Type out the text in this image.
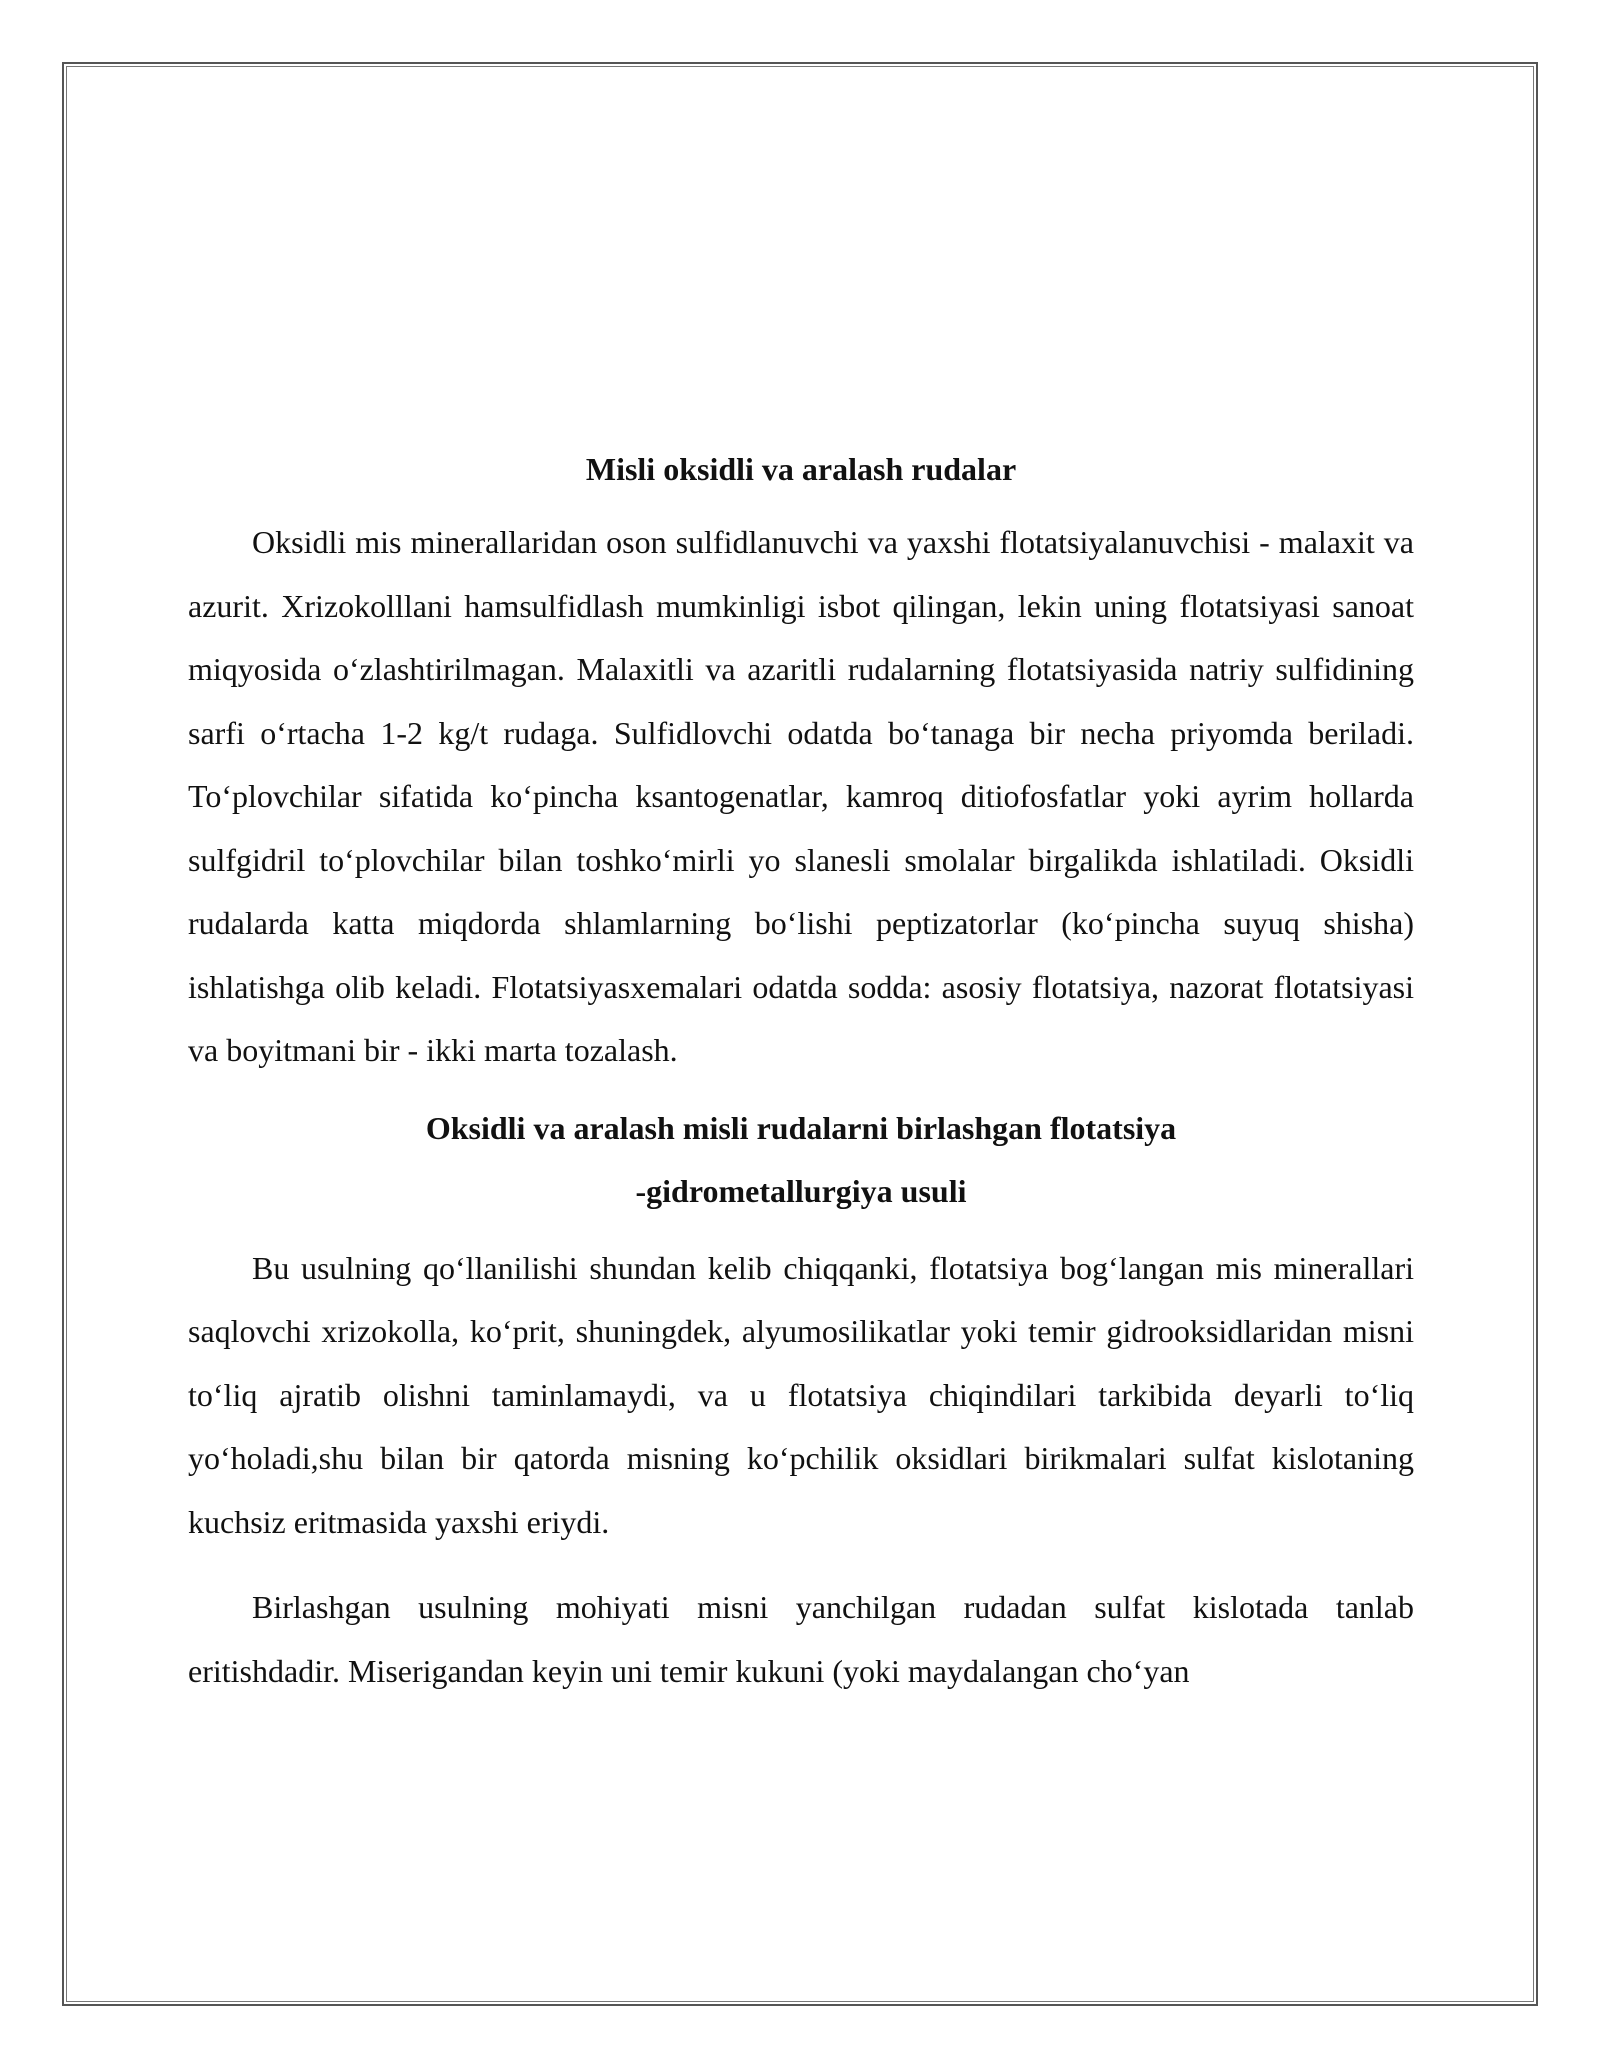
Misli oksidli va aralash rudalar

Oksidli mis minerallaridan oson sulfidlanuvchi va yaxshi flotatsiyalanuvchisi - malaxit va azurit. Xrizokolllani hamsulfidlash mumkinligi isbot qilingan, lekin uning flotatsiyasi sanoat miqyosida oʻzlashtirilmagan. Malaxitli va azaritli rudalarning flotatsiyasida natriy sulfidining sarfi oʻrtacha 1-2 kg/t rudaga. Sulfidlovchi odatda boʻtanaga bir necha priyomda beriladi. Toʻplovchilar sifatida koʻpincha ksantogenatlar, kamroq ditiofosfatlar yoki ayrim hollarda sulfgidril toʻplovchilar bilan toshkoʻmirli yo slanesli smolalar birgalikda ishlatiladi. Oksidli rudalarda katta miqdorda shlamlarning boʻlishi peptizatorlar (koʻpincha suyuq shisha) ishlatishga olib keladi. Flotatsiyasxemalari odatda sodda: asosiy flotatsiya, nazorat flotatsiyasi va boyitmani bir - ikki marta tozalash.

Oksidli va aralash misli rudalarni birlashgan flotatsiya
-gidrometallurgiya usuli

Bu usulning qoʻllanilishi shundan kelib chiqqanki, flotatsiya bogʻlangan mis minerallari saqlovchi xrizokolla, koʻprit, shuningdek, alyumosilikatlar yoki temir gidrooksidlaridan misni toʻliq ajratib olishni taminlamaydi, va u flotatsiya chiqindilari tarkibida deyarli toʻliq yoʻholadi,shu bilan bir qatorda misning koʻpchilik oksidlari birikmalari sulfat kislotaning kuchsiz eritmasida yaxshi eriydi.

Birlashgan usulning mohiyati misni yanchilgan rudadan sulfat kislotada tanlab eritishdadir. Miserigandan keyin uni temir kukuni (yoki maydalangan choʻyan
